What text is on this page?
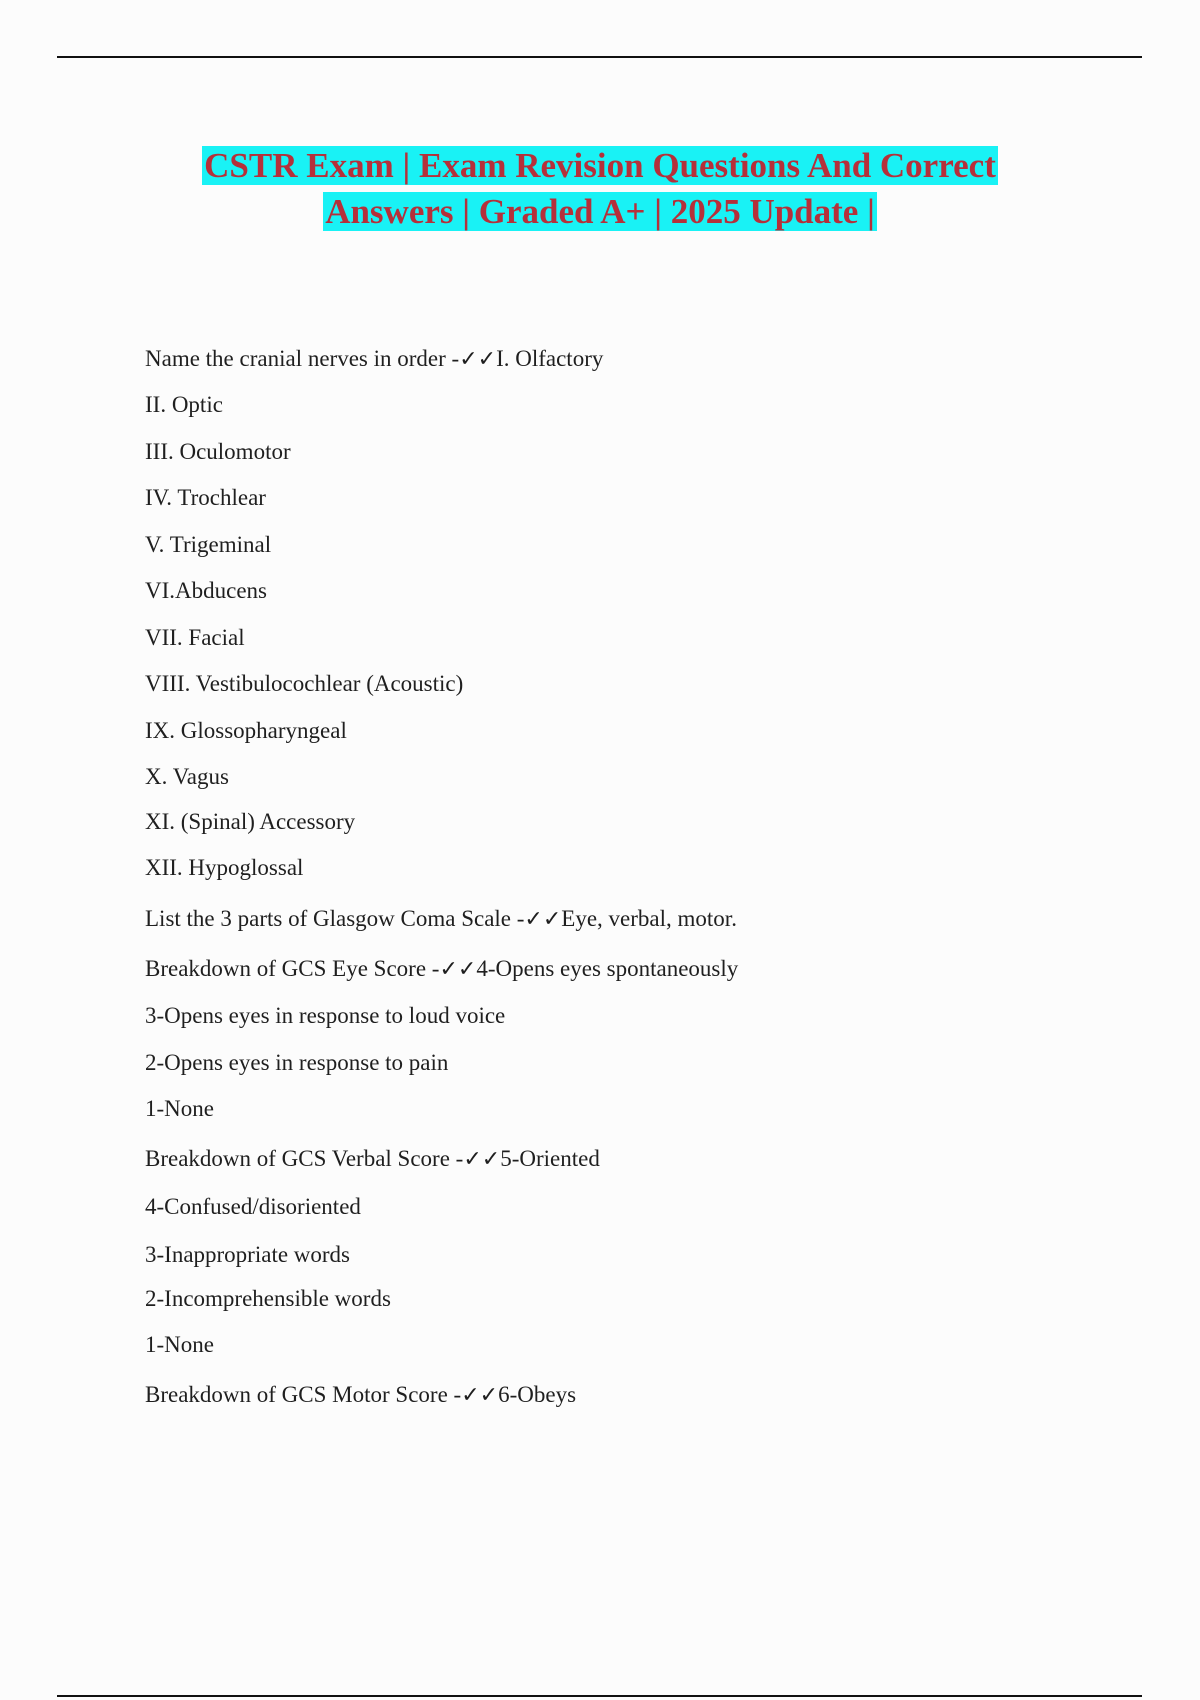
CSTR Exam | Exam Revision Questions And Correct
Answers | Graded A+ | 2025 Update |
Name the cranial nerves in order -✓✓I. Olfactory
II. Optic
III. Oculomotor
IV. Trochlear
V. Trigeminal
VI.Abducens
VII. Facial
VIII. Vestibulocochlear (Acoustic)
IX. Glossopharyngeal
X. Vagus
XI. (Spinal) Accessory
XII. Hypoglossal
List the 3 parts of Glasgow Coma Scale -✓✓Eye, verbal, motor.
Breakdown of GCS Eye Score -✓✓4-Opens eyes spontaneously
3-Opens eyes in response to loud voice
2-Opens eyes in response to pain
1-None
Breakdown of GCS Verbal Score -✓✓5-Oriented
4-Confused/disoriented
3-Inappropriate words
2-Incomprehensible words
1-None
Breakdown of GCS Motor Score -✓✓6-Obeys
